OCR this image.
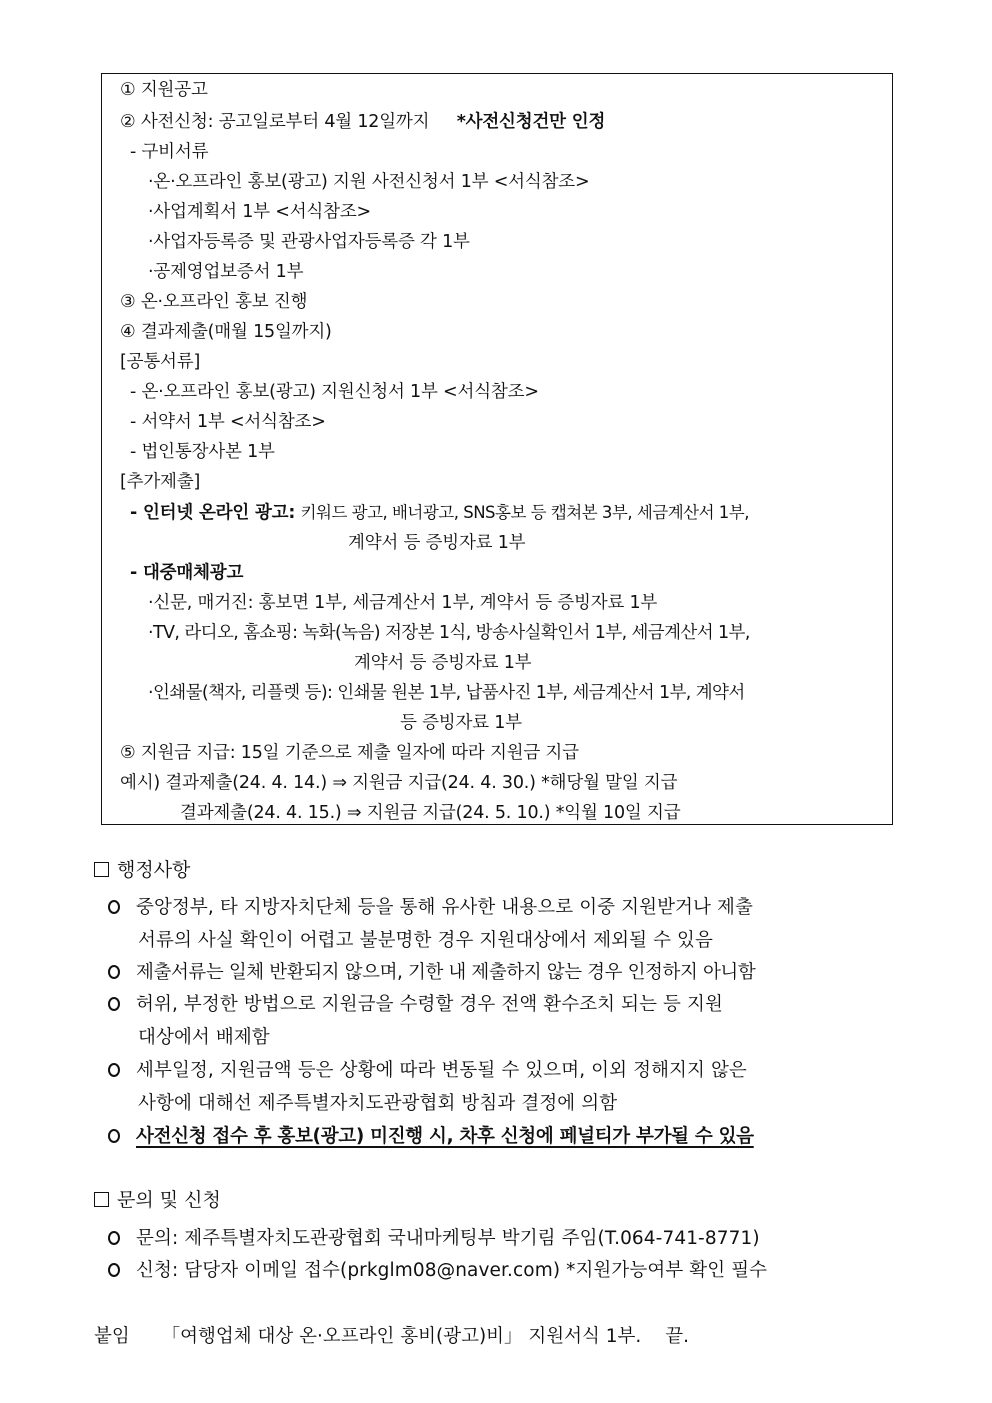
① 지원공고
② 사전신청: 공고일로부터 4월 12일까지 *사전신청건만 인정
- 구비서류
·온·오프라인 홍보(광고) 지원 사전신청서 1부 <서식참조>
·사업계획서 1부 <서식참조>
·사업자등록증 및 관광사업자등록증 각 1부
·공제영업보증서 1부
③ 온·오프라인 홍보 진행
④ 결과제출(매월 15일까지)
[공통서류]
- 온·오프라인 홍보(광고) 지원신청서 1부 <서식참조>
- 서약서 1부 <서식참조>
- 법인통장사본 1부
[추가제출]
- 인터넷 온라인 광고: 키워드 광고, 배너광고, SNS홍보 등 캡쳐본 3부, 세금계산서 1부,
계약서 등 증빙자료 1부
- 대중매체광고
·신문, 매거진: 홍보면 1부, 세금계산서 1부, 계약서 등 증빙자료 1부
·TV, 라디오, 홈쇼핑: 녹화(녹음) 저장본 1식, 방송사실확인서 1부, 세금계산서 1부,
계약서 등 증빙자료 1부
·인쇄물(책자, 리플렛 등): 인쇄물 원본 1부, 납품사진 1부, 세금계산서 1부, 계약서
등 증빙자료 1부
⑤ 지원금 지급: 15일 기준으로 제출 일자에 따라 지원금 지급
예시) 결과제출(24. 4. 14.) ⇒ 지원금 지급(24. 4. 30.) *해당월 말일 지급
결과제출(24. 4. 15.) ⇒ 지원금 지급(24. 5. 10.) *익월 10일 지급
행정사항
중앙정부, 타 지방자치단체 등을 통해 유사한 내용으로 이중 지원받거나 제출
서류의 사실 확인이 어렵고 불분명한 경우 지원대상에서 제외될 수 있음
제출서류는 일체 반환되지 않으며, 기한 내 제출하지 않는 경우 인정하지 아니함
허위, 부정한 방법으로 지원금을 수령할 경우 전액 환수조치 되는 등 지원
대상에서 배제함
세부일정, 지원금액 등은 상황에 따라 변동될 수 있으며, 이외 정해지지 않은
사항에 대해선 제주특별자치도관광협회 방침과 결정에 의함
사전신청 접수 후 홍보(광고) 미진행 시, 차후 신청에 페널티가 부가될 수 있음
문의 및 신청
문의: 제주특별자치도관광협회 국내마케팅부 박기림 주임(T.064-741-8771)
신청: 담당자 이메일 접수(prkglm08@naver.com) *지원가능여부 확인 필수
붙임 「여행업체 대상 온·오프라인 홍비(광고)비」 지원서식 1부. 끝.
